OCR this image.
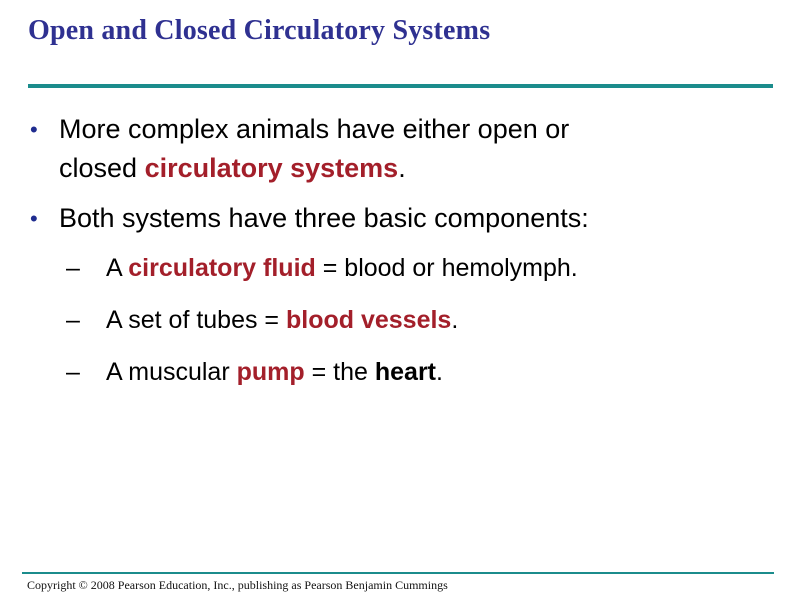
Open and Closed Circulatory Systems
• More complex animals have either open or
closed circulatory systems.
• Both systems have three basic components:
– A circulatory fluid = blood or hemolymph.
– A set of tubes = blood vessels.
– A muscular pump = the heart.
Copyright © 2008 Pearson Education, Inc., publishing as Pearson Benjamin Cummings
